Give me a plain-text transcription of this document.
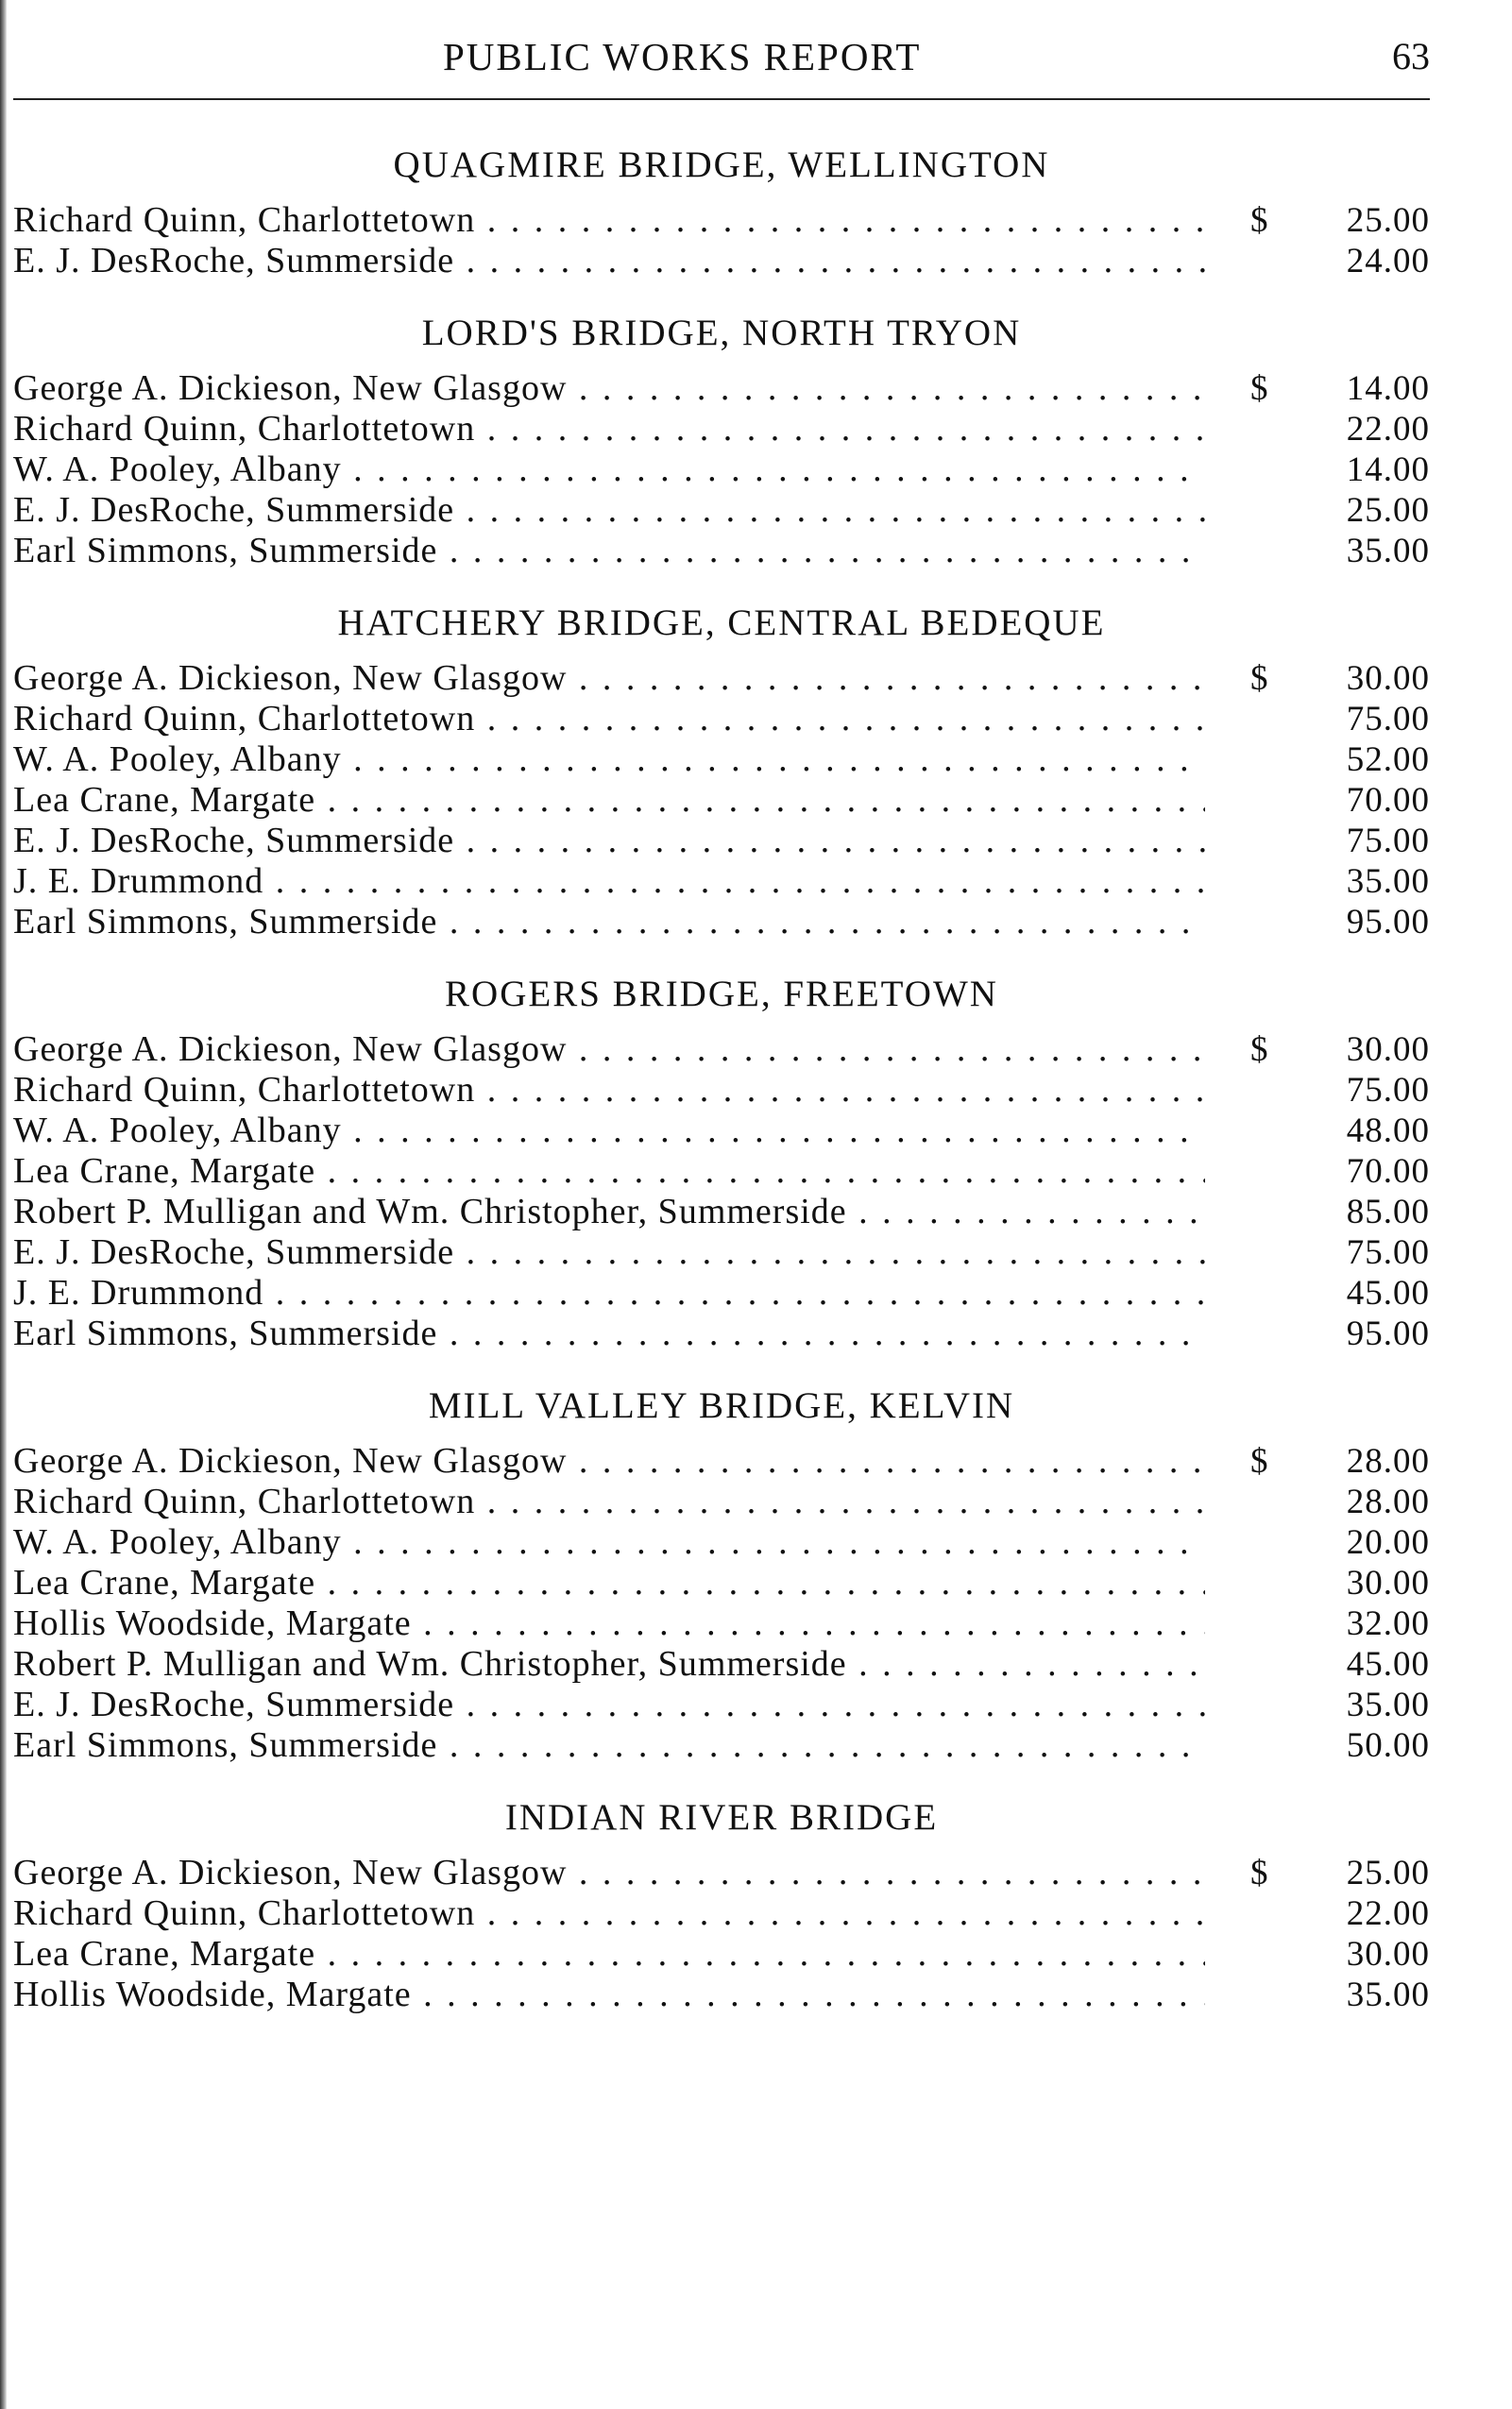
PUBLIC WORKS REPORT	63
QUAGMIRE BRIDGE, WELLINGTON
Richard Quinn, Charlottetown . . .	$ 25.00
E. J. DesRoche, Summerside . . .	24.00
LORD'S BRIDGE, NORTH TRYON
George A. Dickieson, New Glasgow . . .	$ 14.00
Richard Quinn, Charlottetown . . .	22.00
W. A. Pooley, Albany . . .	14.00
E. J. DesRoche, Summerside . . .	25.00
Earl Simmons, Summerside . . .	35.00
HATCHERY BRIDGE, CENTRAL BEDEQUE
George A. Dickieson, New Glasgow . . .	$ 30.00
Richard Quinn, Charlottetown . . .	75.00
W. A. Pooley, Albany . . .	52.00
Lea Crane, Margate . . .	70.00
E. J. DesRoche, Summerside . . .	75.00
J. E. Drummond . . .	35.00
Earl Simmons, Summerside . . .	95.00
ROGERS BRIDGE, FREETOWN
George A. Dickieson, New Glasgow . . .	$ 30.00
Richard Quinn, Charlottetown . . .	75.00
W. A. Pooley, Albany . . .	48.00
Lea Crane, Margate . . .	70.00
Robert P. Mulligan and Wm. Christopher, Summerside . . .	85.00
E. J. DesRoche, Summerside . . .	75.00
J. E. Drummond . . .	45.00
Earl Simmons, Summerside . . .	95.00
MILL VALLEY BRIDGE, KELVIN
George A. Dickieson, New Glasgow . . .	$ 28.00
Richard Quinn, Charlottetown . . .	28.00
W. A. Pooley, Albany . . .	20.00
Lea Crane, Margate . . .	30.00
Hollis Woodside, Margate . . .	32.00
Robert P. Mulligan and Wm. Christopher, Summerside . . .	45.00
E. J. DesRoche, Summerside . . .	35.00
Earl Simmons, Summerside . . .	50.00
INDIAN RIVER BRIDGE
George A. Dickieson, New Glasgow . . .	$ 25.00
Richard Quinn, Charlottetown . . .	22.00
Lea Crane, Margate . . .	30.00
Hollis Woodside, Margate . . .	35.00
